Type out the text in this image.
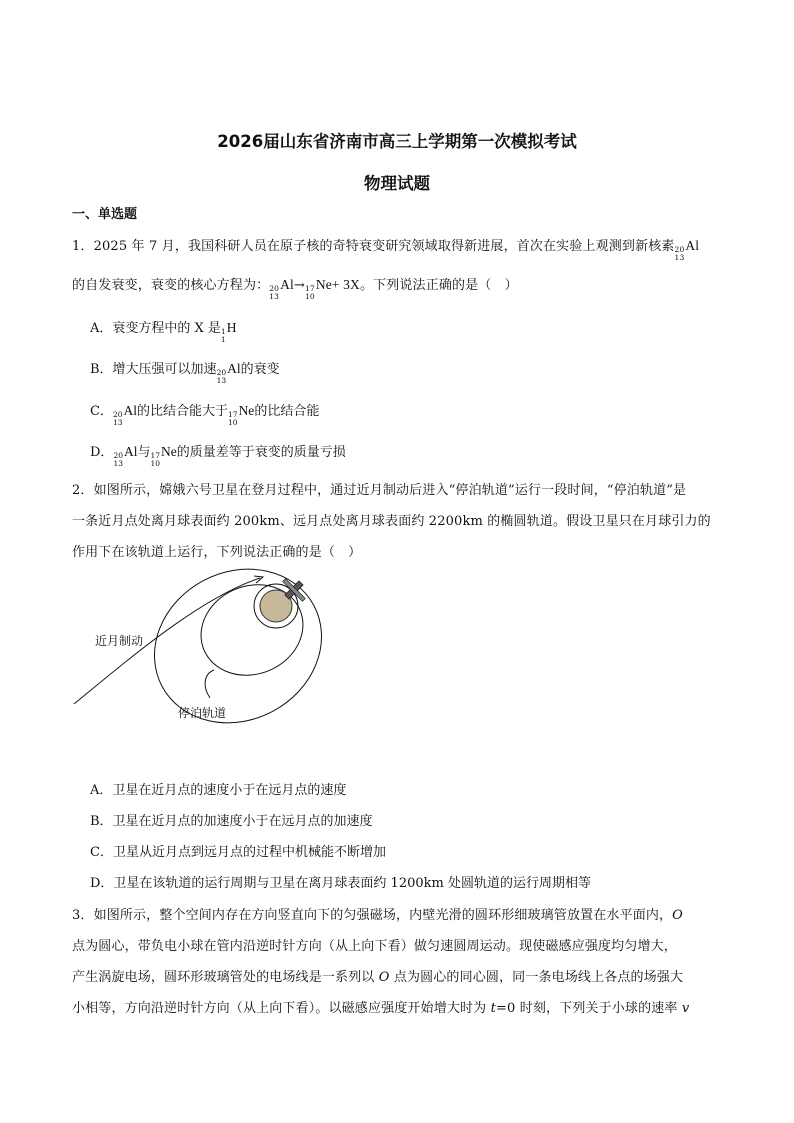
2026届山东省济南市高三上学期第一次模拟考试
物理试题
一、单选题
1．2025 年 7 月，我国科研人员在原子核的奇特衰变研究领域取得新进展，首次在实验上观测到新核素 20
13
Al
的自发衰变，衰变的核心方程为： 20
13
Al→ 17
10
Ne+ 3X。下列说法正确的是（　）
A．衰变方程中的 X 是 1
1
H
B．增大压强可以加速 20
13
Al的衰变
C． 20
13
Al的比结合能大于 17
10
Ne的比结合能
D． 20
13
Al与 17
10
Ne的质量差等于衰变的质量亏损
2．如图所示，嫦娥六号卫星在登月过程中，通过近月制动后进入“停泊轨道”运行一段时间，“停泊轨道”是
一条近月点处离月球表面约 200km、远月点处离月球表面约 2200km 的椭圆轨道。假设卫星只在月球引力的
作用下在该轨道上运行，下列说法正确的是（　）
近月制动
停泊轨道
A．卫星在近月点的速度小于在远月点的速度
B．卫星在近月点的加速度小于在远月点的加速度
C．卫星从近月点到远月点的过程中机械能不断增加
D．卫星在该轨道的运行周期与卫星在离月球表面约 1200km 处圆轨道的运行周期相等
3．如图所示，整个空间内存在方向竖直向下的匀强磁场，内壁光滑的圆环形细玻璃管放置在水平面内，O
点为圆心，带负电小球在管内沿逆时针方向（从上向下看）做匀速圆周运动。现使磁感应强度均匀增大，
产生涡旋电场，圆环形玻璃管处的电场线是一系列以 O 点为圆心的同心圆，同一条电场线上各点的场强大
小相等，方向沿逆时针方向（从上向下看）。以磁感应强度开始增大时为 t=0 时刻，下列关于小球的速率 v
